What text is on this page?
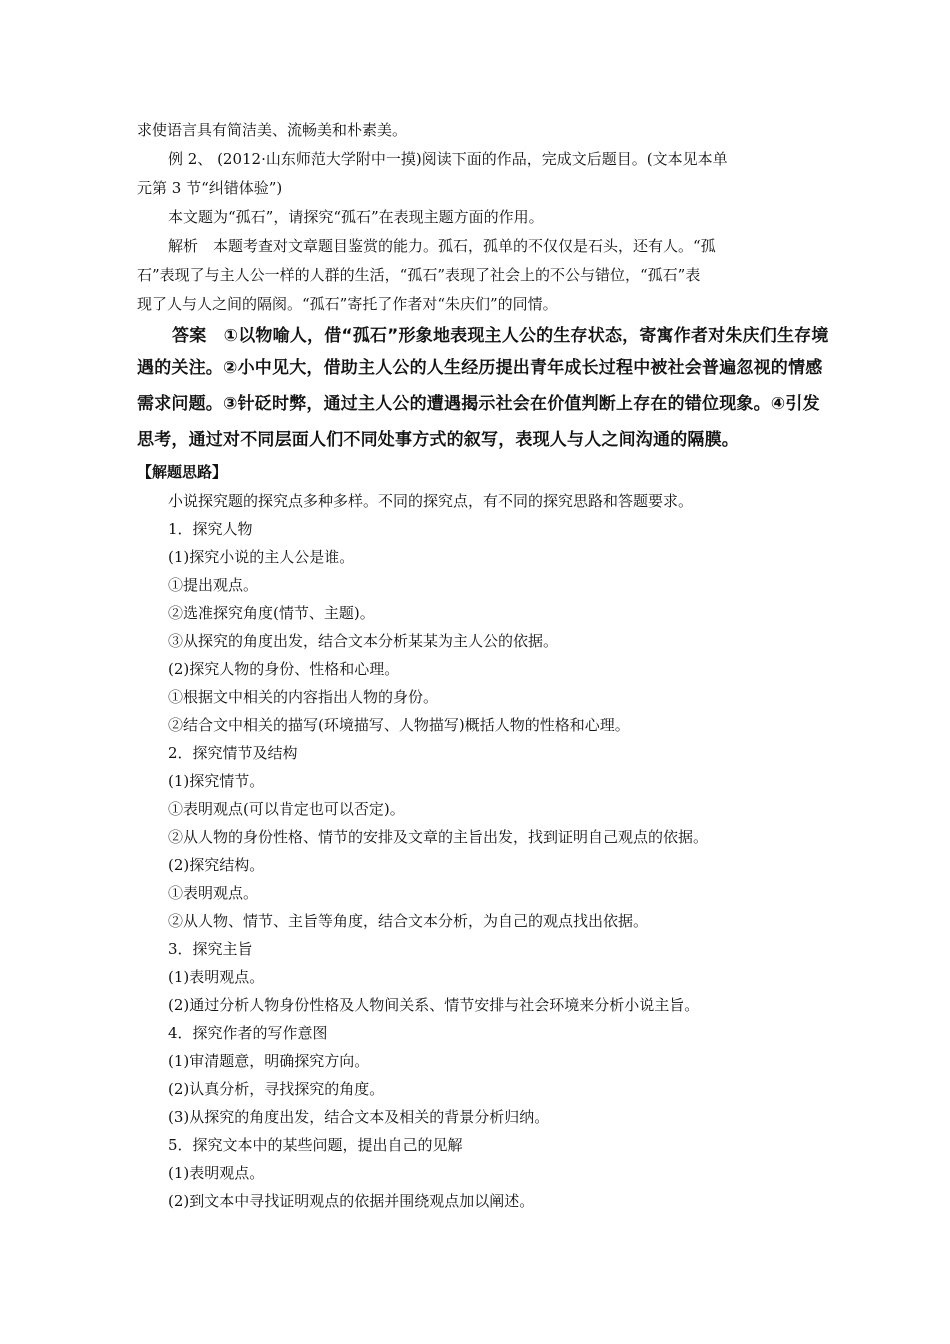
求使语言具有简洁美、流畅美和朴素美。
例 2、 (2012·山东师范大学附中一摸)阅读下面的作品，完成文后题目。(文本见本单
元第 3 节“纠错体验”)
本文题为“孤石”，请探究“孤石”在表现主题方面的作用。
解析　本题考查对文章题目鉴赏的能力。孤石，孤单的不仅仅是石头，还有人。“孤
石”表现了与主人公一样的人群的生活，“孤石”表现了社会上的不公与错位，“孤石”表
现了人与人之间的隔阂。“孤石”寄托了作者对“朱庆们”的同情。
答案　①以物喻人，借“孤石”形象地表现主人公的生存状态，寄寓作者对朱庆们生存境
遇的关注。②小中见大，借助主人公的人生经历提出青年成长过程中被社会普遍忽视的情感
需求问题。③针砭时弊，通过主人公的遭遇揭示社会在价值判断上存在的错位现象。④引发
思考，通过对不同层面人们不同处事方式的叙写，表现人与人之间沟通的隔膜。
【解题思路】
小说探究题的探究点多种多样。不同的探究点，有不同的探究思路和答题要求。
1．探究人物
(1)探究小说的主人公是谁。
①提出观点。
②选准探究角度(情节、主题)。
③从探究的角度出发，结合文本分析某某为主人公的依据。
(2)探究人物的身份、性格和心理。
①根据文中相关的内容指出人物的身份。
②结合文中相关的描写(环境描写、人物描写)概括人物的性格和心理。
2．探究情节及结构
(1)探究情节。
①表明观点(可以肯定也可以否定)。
②从人物的身份性格、情节的安排及文章的主旨出发，找到证明自己观点的依据。
(2)探究结构。
①表明观点。
②从人物、情节、主旨等角度，结合文本分析，为自己的观点找出依据。
3．探究主旨
(1)表明观点。
(2)通过分析人物身份性格及人物间关系、情节安排与社会环境来分析小说主旨。
4．探究作者的写作意图
(1)审清题意，明确探究方向。
(2)认真分析，寻找探究的角度。
(3)从探究的角度出发，结合文本及相关的背景分析归纳。
5．探究文本中的某些问题，提出自己的见解
(1)表明观点。
(2)到文本中寻找证明观点的依据并围绕观点加以阐述。
